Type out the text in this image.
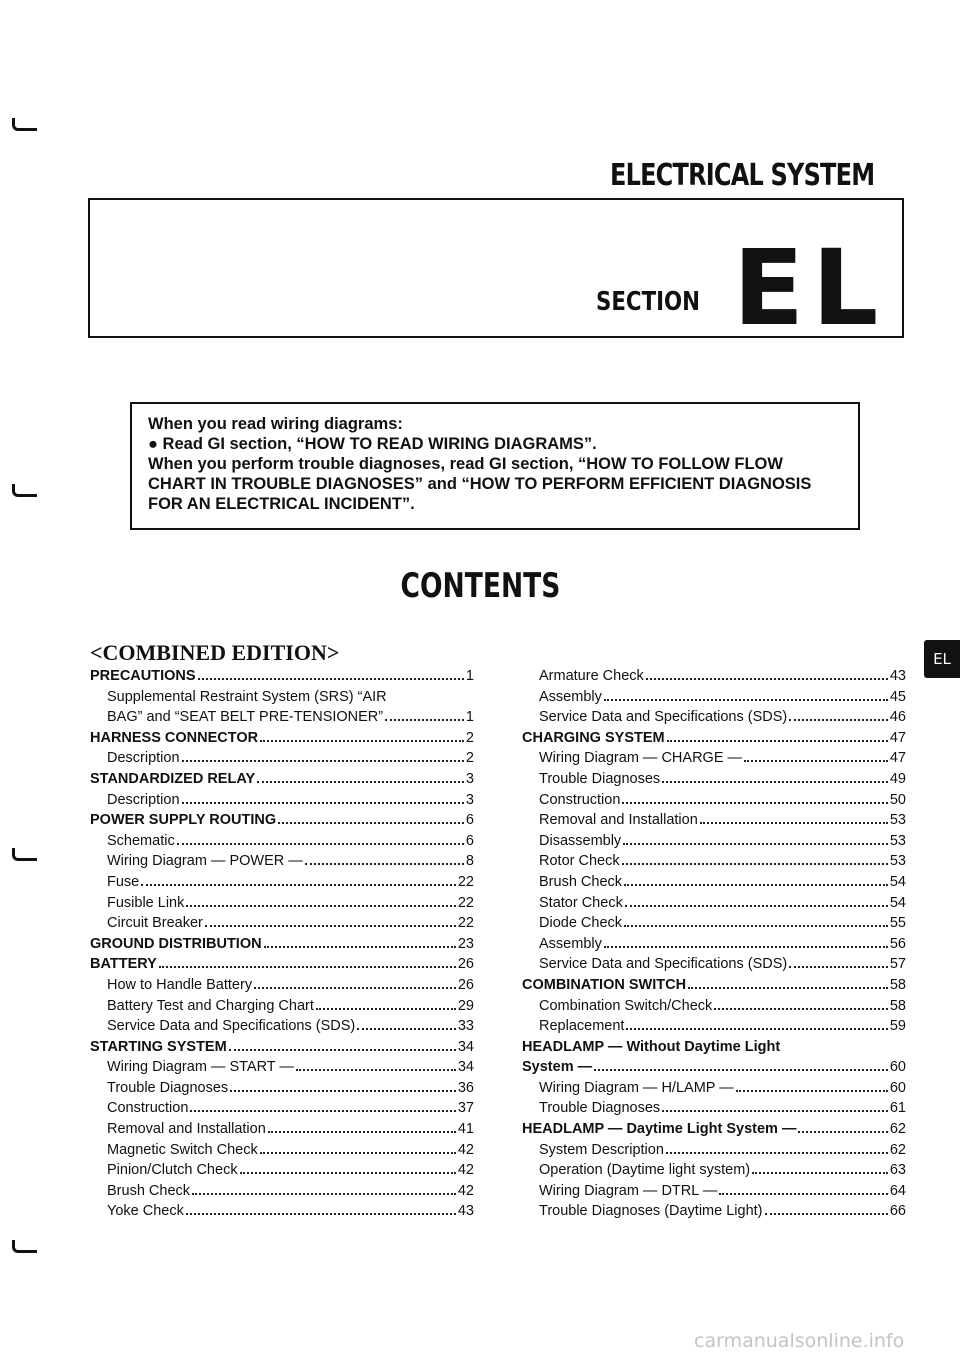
ELECTRICAL SYSTEM

SECTION EL

When you read wiring diagrams:

● Read GI section, “HOW TO READ WIRING DIAGRAMS”.

When you perform trouble diagnoses, read GI section, “HOW TO FOLLOW FLOW

CHART IN TROUBLE DIAGNOSES” and “HOW TO PERFORM EFFICIENT DIAGNOSIS

FOR AN ELECTRICAL INCIDENT”.

CONTENTS

<COMBINED EDITION>

PRECAUTIONS	1
Supplemental Restraint System (SRS) “AIR
BAG” and “SEAT BELT PRE-TENSIONER”	1
HARNESS CONNECTOR	2
Description	2
STANDARDIZED RELAY	3
Description	3
POWER SUPPLY ROUTING	6
Schematic	6
Wiring Diagram — POWER —	8
Fuse	22
Fusible Link	22
Circuit Breaker	22
GROUND DISTRIBUTION	23
BATTERY	26
How to Handle Battery	26
Battery Test and Charging Chart	29
Service Data and Specifications (SDS)	33
STARTING SYSTEM	34
Wiring Diagram — START —	34
Trouble Diagnoses	36
Construction	37
Removal and Installation	41
Magnetic Switch Check	42
Pinion/Clutch Check	42
Brush Check	42
Yoke Check	43
Armature Check	43
Assembly	45
Service Data and Specifications (SDS)	46
CHARGING SYSTEM	47
Wiring Diagram — CHARGE —	47
Trouble Diagnoses	49
Construction	50
Removal and Installation	53
Disassembly	53
Rotor Check	53
Brush Check	54
Stator Check	54
Diode Check	55
Assembly	56
Service Data and Specifications (SDS)	57
COMBINATION SWITCH	58
Combination Switch/Check	58
Replacement	59
HEADLAMP — Without Daytime Light
System —	60
Wiring Diagram — H/LAMP —	60
Trouble Diagnoses	61
HEADLAMP — Daytime Light System —	62
System Description	62
Operation (Daytime light system)	63
Wiring Diagram — DTRL —	64
Trouble Diagnoses (Daytime Light)	66
EL

carmanualsonline.info
